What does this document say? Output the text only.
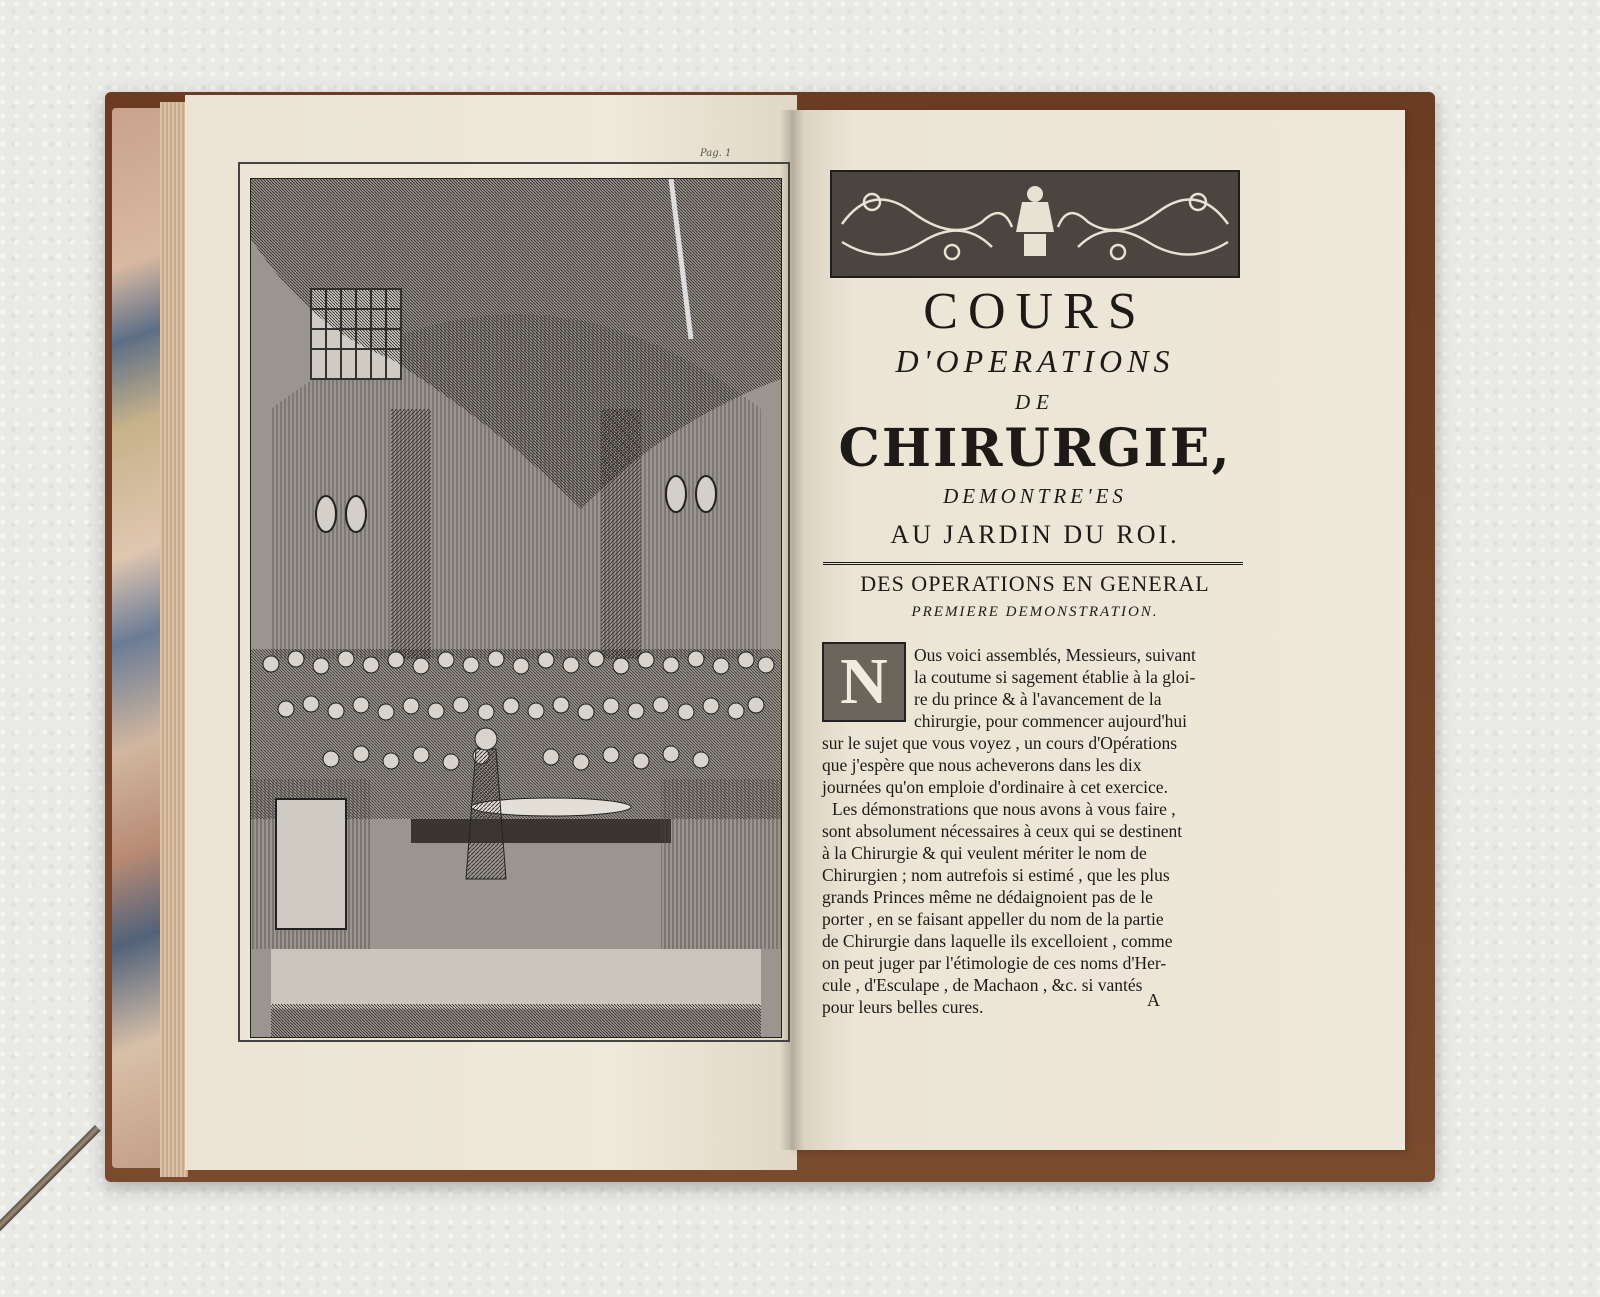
Pag. 1
COURS
D'OPERATIONS
DE
CHIRURGIE,
DEMONTRE'ES
AU JARDIN DU ROI.
DES OPERATIONS EN GENERAL
PREMIERE DEMONSTRATION.
N	Ous voici assemblés, Messieurs, suivant
la coutume si sagement établie à la gloi-
re du prince & à l'avancement de la
chirurgie, pour commencer aujourd'hui
sur le sujet que vous voyez , un cours d'Opérations
que j'espère que nous acheverons dans les dix
journées qu'on emploie d'ordinaire à cet exercice.
Les démonstrations que nous avons à vous faire ,
sont absolument nécessaires à ceux qui se destinent
à la Chirurgie & qui veulent mériter le nom de
Chirurgien ; nom autrefois si estimé , que les plus
grands Princes même ne dédaignoient pas de le
porter , en se faisant appeller du nom de la partie
de Chirurgie dans laquelle ils excelloient , comme
on peut juger par l'étimologie de ces noms d'Her-
cule , d'Esculape , de Machaon , &c. si vantés
pour leurs belles cures.	A
